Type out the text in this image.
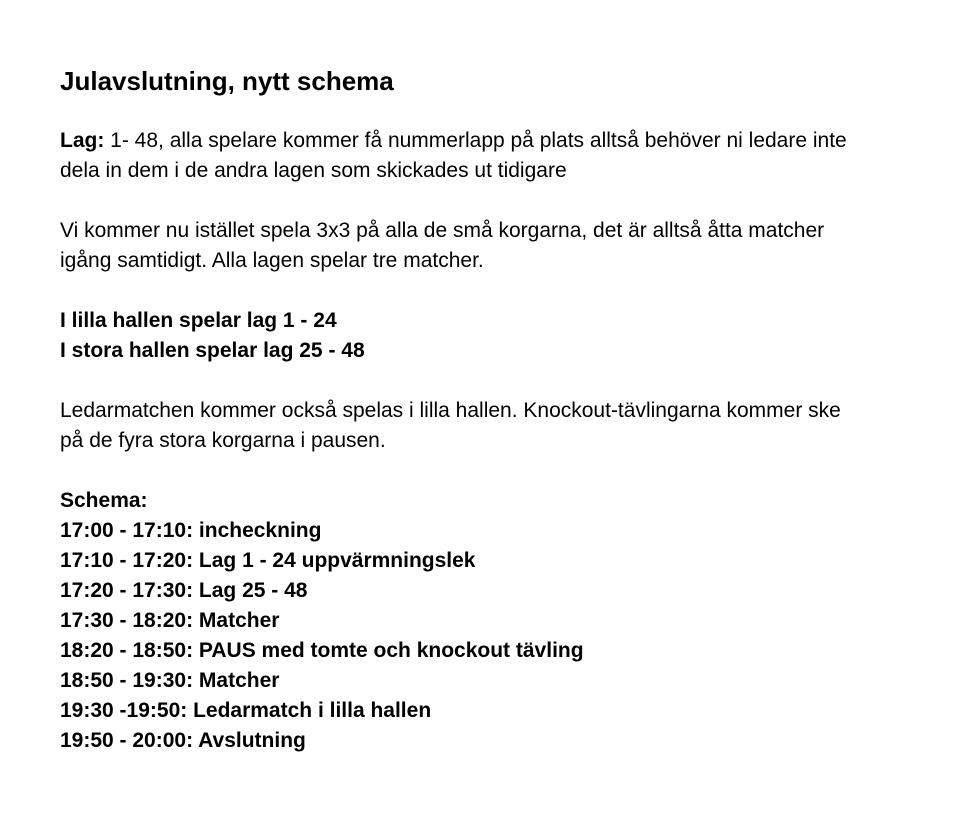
Julavslutning, nytt schema

Lag: 1- 48, alla spelare kommer få nummerlapp på plats alltså behöver ni ledare inte
dela in dem i de andra lagen som skickades ut tidigare

Vi kommer nu istället spela 3x3 på alla de små korgarna, det är alltså åtta matcher
igång samtidigt. Alla lagen spelar tre matcher.

I lilla hallen spelar lag 1 - 24
I stora hallen spelar lag 25 - 48

Ledarmatchen kommer också spelas i lilla hallen. Knockout-tävlingarna kommer ske
på de fyra stora korgarna i pausen.

Schema:
17:00 - 17:10: incheckning
17:10 - 17:20: Lag 1 - 24 uppvärmningslek
17:20 - 17:30: Lag 25 - 48
17:30 - 18:20: Matcher
18:20 - 18:50: PAUS med tomte och knockout tävling
18:50 - 19:30: Matcher
19:30 -19:50: Ledarmatch i lilla hallen
19:50 - 20:00: Avslutning
